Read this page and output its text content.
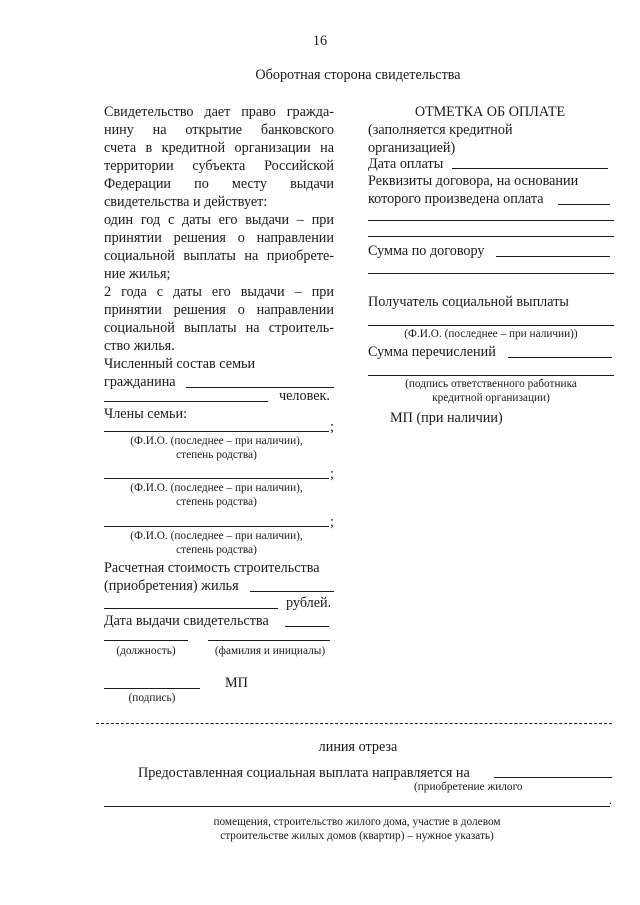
16
Оборотная сторона свидетельства
Свидетельство дает право гражда-
нину на открытие банковского
счета в кредитной организации на
территории субъекта Российской
Федерации по месту выдачи
свидетельства и действует:
один год с даты его выдачи – при
принятии решения о направлении
социальной выплаты на приобрете-
ние жилья;
2 года с даты его выдачи – при
принятии решения о направлении
социальной выплаты на строитель-
ство жилья.
Численный состав семьи
гражданина
человек.
Члены семьи:
;
(Ф.И.О. (последнее – при наличии),
степень родства)
;
(Ф.И.О. (последнее – при наличии),
степень родства)
;
(Ф.И.О. (последнее – при наличии),
степень родства)
Расчетная стоимость строительства
(приобретения) жилья
рублей.
Дата выдачи свидетельства
(должность)	(фамилия и инициалы)
МП
(подпись)
ОТМЕТКА ОБ ОПЛАТЕ
(заполняется кредитной
организацией)
Дата оплаты
Реквизиты договора, на основании
которого произведена оплата
Сумма по договору
Получатель социальной выплаты
(Ф.И.О. (последнее – при наличии))
Сумма перечислений
(подпись ответственного работника
кредитной организации)
МП (при наличии)
линия отреза
Предоставленная социальная выплата направляется на
(приобретение жилого
.
помещения, строительство жилого дома, участие в долевом
строительстве жилых домов (квартир) – нужное указать)
